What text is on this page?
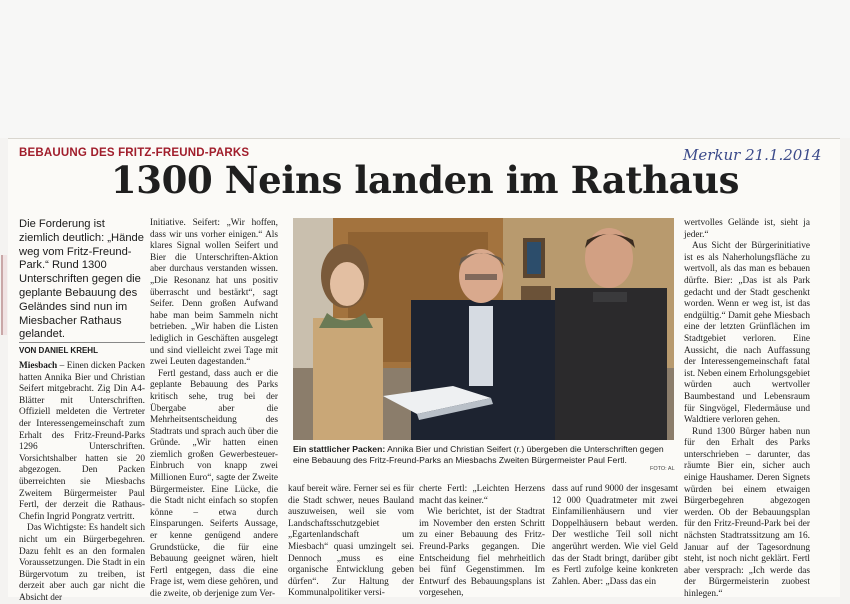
BEBAUUNG DES FRITZ-FREUND-PARKS	Merkur 21.1.2014
1300 Neins landen im Rathaus
Die Forderung ist ziemlich deutlich: „Hände weg vom Fritz-Freund-Park.“ Rund 1300 Unterschriften gegen die geplante Bebauung des Geländes sind nun im Miesbacher Rathaus gelandet.
VON DANIEL KREHL

Miesbach – Einen dicken Packen hatten Annika Bier und Christian Seifert mitgebracht. Zig Din A4-Blätter mit Unterschriften. Offiziell meldeten die Vertreter der Interessengemeinschaft zum Erhalt des Fritz-Freund-Parks 1296 Unterschriften. Vorsichtshalber hatten sie 20 abgezogen. Den Packen überreichten sie Miesbachs Zweitem Bürgermeister Paul Fertl, der derzeit die Rathaus-Chefin Ingrid Pongratz vertritt.

Das Wichtigste: Es handelt sich nicht um ein Bürgerbegehren. Dazu fehlt es an den formalen Voraussetzungen. Die Stadt in ein Bürgervotum zu treiben, ist derzeit aber auch gar nicht die Absicht der

Initiative. Seifert: „Wir hoffen, dass wir uns vorher einigen.“ Als klares Signal wollen Seifert und Bier die Unterschriften-Aktion aber durchaus verstanden wissen. „Die Resonanz hat uns positiv überrascht und bestärkt“, sagt Seifer. Denn großen Aufwand habe man beim Sammeln nicht betrieben. „Wir haben die Listen lediglich in Geschäften ausgelegt und sind vielleicht zwei Tage mit zwei Leuten dagestanden.“

Fertl gestand, dass auch er die geplante Bebauung des Parks kritisch sehe, trug bei der Übergabe aber die Mehrheitsentscheidung des Stadtrats und sprach auch über die Gründe. „Wir hatten einen ziemlich großen Gewerbesteuer-Einbruch von knapp zwei Millionen Euro“, sagte der Zweite Bürgermeister. Eine Lücke, die die Stadt nicht einfach so stopfen könne – etwa durch Einsparungen. Seiferts Aussage, er kenne genügend andere Grundstücke, die für eine Bebauung geeignet wären, hielt Fertl entgegen, dass die eine Frage ist, wem diese gehören, und die zweite, ob derjenige zum Ver-

Ein stattlicher Packen: Annika Bier und Christian Seifert (r.) übergeben die Unterschriften gegen eine Bebauung des Fritz-Freund-Parks an Miesbachs Zweiten Bürgermeister Paul Fertl.
FOTO: AL

kauf bereit wäre. Ferner sei es für die Stadt schwer, neues Bauland auszuweisen, weil sie vom Landschaftsschutzgebiet „Egartenlandschaft um Miesbach“ quasi umzingelt sei. Dennoch „muss es eine organische Entwicklung geben dürfen“. Zur Haltung der Kommunalpolitiker versi-

cherte Fertl: „Leichten Herzens macht das keiner.“

Wie berichtet, ist der Stadtrat im November den ersten Schritt zu einer Bebauung des Fritz-Freund-Parks gegangen. Die Entscheidung fiel mehrheitlich bei fünf Gegenstimmen. Im Entwurf des Bebauungsplans ist vorgesehen,

dass auf rund 9000 der insgesamt 12 000 Quadratmeter mit zwei Einfamilienhäusern und vier Doppelhäusern bebaut werden. Der westliche Teil soll nicht angerührt werden. Wie viel Geld das der Stadt bringt, darüber gibt es Fertl zufolge keine konkreten Zahlen. Aber: „Dass das ein

wertvolles Gelände ist, sieht ja jeder.“

Aus Sicht der Bürgerinitiative ist es als Naherholungsfläche zu wertvoll, als das man es bebauen dürfte. Bier: „Das ist als Park gedacht und der Stadt geschenkt worden. Wenn er weg ist, ist das endgültig.“ Damit gehe Miesbach eine der letzten Grünflächen im Stadtgebiet verloren. Eine Aussicht, die nach Auffassung der Interessengemeinschaft fatal ist. Neben einem Erholungsgebiet würden auch wertvoller Baumbestand und Lebensraum für Singvögel, Fledermäuse und Waldtiere verloren gehen.

Rund 1300 Bürger haben nun für den Erhalt des Parks unterschrieben – darunter, das räumte Bier ein, sicher auch einige Haushamer. Deren Signets würden bei einem etwaigen Bürgerbegehren abgezogen werden. Ob der Bebauungsplan für den Fritz-Freund-Park bei der nächsten Stadtratssitzung am 16. Januar auf der Tagesordnung steht, ist noch nicht geklärt. Fertl aber versprach: „Ich werde das der Bürgermeisterin zuobest hinlegen.“
